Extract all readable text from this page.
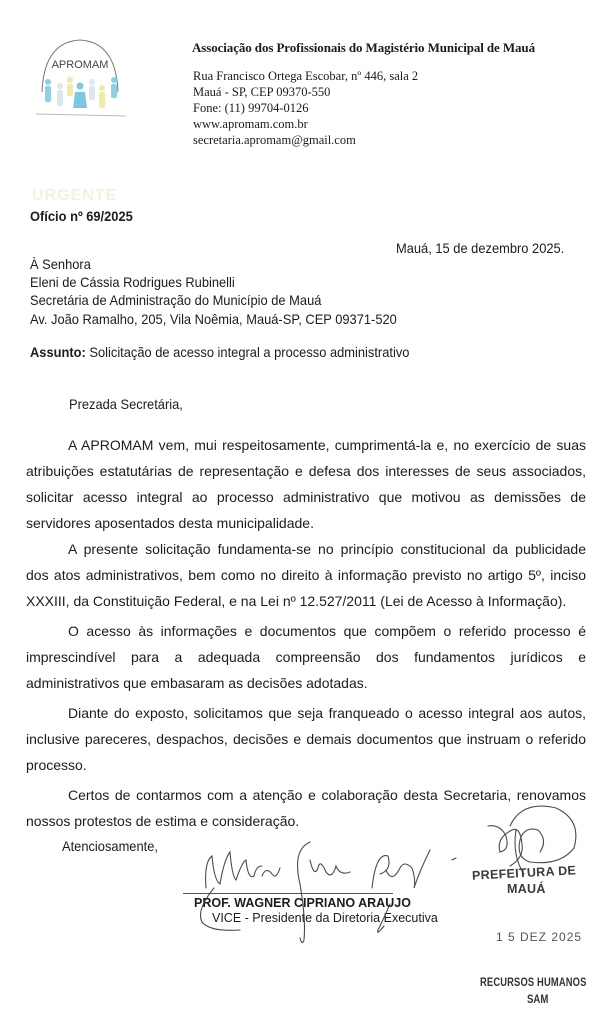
APROMAM
Associação dos Profissionais do Magistério Municipal de Mauá
Rua Francisco Ortega Escobar, nº 446, sala 2
Mauá - SP, CEP 09370-550
Fone: (11) 99704-0126
www.apromam.com.br
secretaria.apromam@gmail.com
URGENTE
Ofício nº 69/2025
Mauá, 15 de dezembro 2025.
À Senhora
Eleni de Cássia Rodrigues Rubinelli
Secretária de Administração do Município de Mauá
Av. João Ramalho, 205, Vila Noêmia, Mauá-SP, CEP 09371-520
Assunto: Solicitação de acesso integral a processo administrativo
Prezada Secretária,
A APROMAM vem, mui respeitosamente, cumprimentá-la e, no exercício de suas atribuições estatutárias de representação e defesa dos interesses de seus associados, solicitar acesso integral ao processo administrativo que motivou as demissões de servidores aposentados desta municipalidade.
A presente solicitação fundamenta-se no princípio constitucional da publicidade dos atos administrativos, bem como no direito à informação previsto no artigo 5º, inciso XXXIII, da Constituição Federal, e na Lei nº 12.527/2011 (Lei de Acesso à Informação).
O acesso às informações e documentos que compõem o referido processo é imprescindível para a adequada compreensão dos fundamentos jurídicos e administrativos que embasaram as decisões adotadas.
Diante do exposto, solicitamos que seja franqueado o acesso integral aos autos, inclusive pareceres, despachos, decisões e demais documentos que instruam o referido processo.
Certos de contarmos com a atenção e colaboração desta Secretaria, renovamos nossos protestos de estima e consideração.
Atenciosamente,
PROF. WAGNER CIPRIANO ARAUJO
VICE - Presidente da Diretoria Executiva
PREFEITURA DE
MAUÁ
1 5 DEZ 2025
RECURSOS HUMANOS
SAM
